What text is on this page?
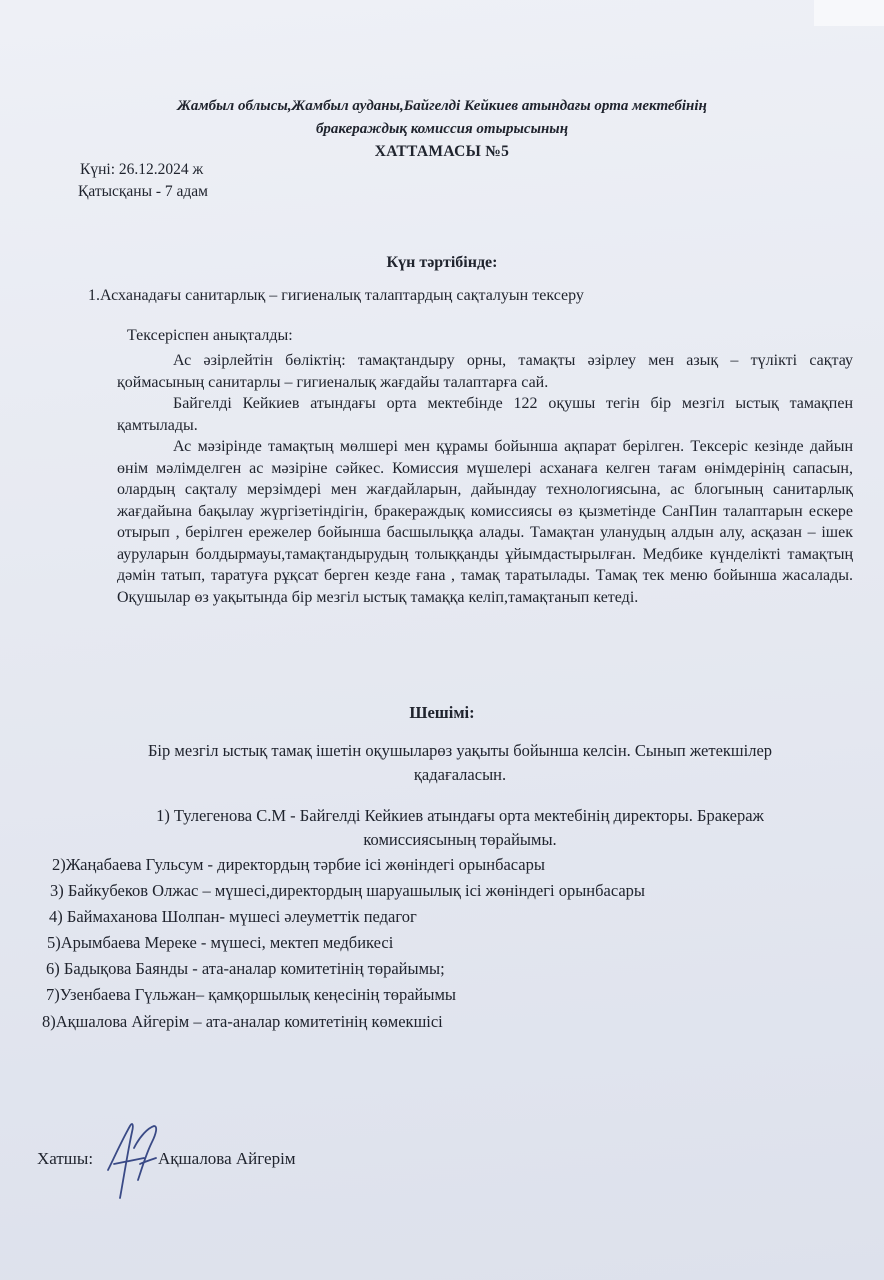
Жамбыл облысы,Жамбыл ауданы,Байгелді Кейкиев атындағы орта мектебінің

бракераждық комиссия отырысының

ХАТТАМАСЫ №5

Күні: 26.12.2024 ж

Қатысқаны - 7 адам

Күн тәртібінде:

1.Асханадағы санитарлық – гигиеналық талаптардың сақталуын тексеру

Тексеріспен анықталды:

Ас әзірлейтін бөліктің: тамақтандыру орны, тамақты әзірлеу мен азық – түлікті сақтау қоймасының санитарлы – гигиеналық жағдайы талаптарға сай.

Байгелді Кейкиев атындағы орта мектебінде 122 оқушы тегін бір мезгіл ыстық тамақпен қамтылады.

Ас мәзірінде тамақтың мөлшері мен құрамы бойынша ақпарат берілген. Тексеріс кезінде дайын өнім мәлімделген ас мәзіріне сәйкес. Комиссия мүшелері асханаға келген тағам өнімдерінің сапасын, олардың сақталу мерзімдері мен жағдайларын, дайындау технологиясына, ас блогының санитарлық жағдайына бақылау жүргізетіндігін, бракераждық комиссиясы өз қызметінде СанПин талаптарын ескере отырып , берілген ережелер бойынша басшылыққа алады. Тамақтан уланудың алдын алу, асқазан – ішек ауруларын болдырмауы,тамақтандырудың толыққанды ұйымдастырылған. Медбике күнделікті тамақтың дәмін татып, таратуға рұқсат берген кезде ғана , тамақ таратылады. Тамақ тек меню бойынша жасалады. Оқушылар өз уақытында бір мезгіл ыстық тамаққа келіп,тамақтанып кетеді.

Шешімі:

Бір мезгіл ыстық тамақ ішетін оқушыларөз уақыты бойынша келсін. Сынып жетекшілер қадағаласын.

1) Тулегенова С.М - Байгелді Кейкиев атындағы орта мектебінің директоры. Бракераж комиссиясының төрайымы.

2)Жаңабаева Гульсум - директордың тәрбие ісі жөніндегі орынбасары

3) Байкубеков Олжас – мүшесі,директордың шаруашылық ісі жөніндегі орынбасары

4) Баймаханова Шолпан- мүшесі әлеуметтік педагог

5)Арымбаева Мереке - мүшесі, мектеп медбикесі

6) Бадықова Баянды - ата-аналар комитетінің төрайымы;

7)Узенбаева Гүльжан– қамқоршылық кеңесінің төрайымы

8)Ақшалова Айгерім – ата-аналар комитетінің көмекшісі

Хатшы:	Ақшалова Айгерім
